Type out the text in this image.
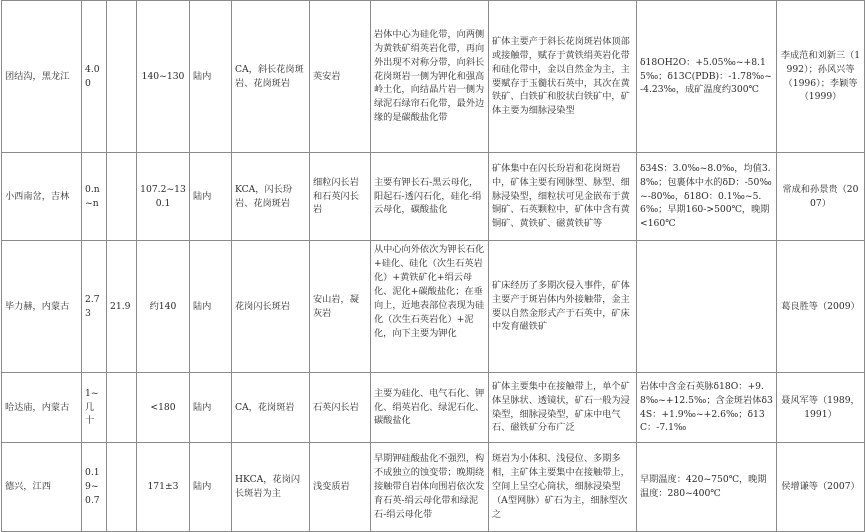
团结沟，黑龙江	4.00		140~130	陆内	CA，斜长花岗斑岩、花岗斑岩	英安岩	岩体中心为硅化带，向两侧为黄铁矿绢英岩化带，再向外出现不对称分带，向斜长花岗斑岩一侧为钾化和强高岭土化，向结晶片岩一侧为绿泥石绿帘石化带，最外边缘的是碳酸盐化带	矿体主要产于斜长花岗斑岩体顶部或接触带，赋存于黄铁绢英岩化带和硅化带中，金以自然金为主，主要赋存于玉髓状石英中，其次在黄铁矿、白铁矿和胶状白铁矿中，矿体主要为细脉浸染型	δ18OH2O：+5.05‰~+8.15‰；δ13C(PDB)：-1.78‰~-4.23‰，成矿温度约300℃	李成范和刘新三（1992）；孙风兴等（1996）；李颖等（1999）
小西南岔，吉林	0.n~n		107.2~130.1	陆内	KCA，闪长玢岩、花岗斑岩	细粒闪长岩和石英闪长岩	主要有钾长石-黑云母化，阳起石-透闪石化，硅化-绢云母化，碳酸盐化	矿体集中在闪长玢岩和花岗斑岩中，矿体主要有网脉型、脉型、细脉浸染型，细粒状可见金嵌布于黄铜矿、石英颗粒中，矿体中含有黄铜矿、黄铁矿、磁黄铁矿等	δ34S：3.0‰~8.0‰，均值3.8‰；包裹体中水的δD：-50‰~-80‰，δ18O：0.1‰~5.6‰；早期160->500℃，晚期<160℃	常成和孙景贵（2007）
毕力赫，内蒙古	2.73	21.9	约140	陆内	花岗闪长斑岩	安山岩，凝灰岩	从中心向外依次为钾长石化+硅化、硅化（次生石英岩化）+黄铁矿化+绢云母化、泥化+碳酸盐化；在垂向上，近地表部位表现为硅化（次生石英岩化）+泥化，向下主要为钾化	矿床经历了多期次侵入事件，矿体主要产于斑岩体内外接触带，金主要以自然金形式产于石英中，矿床中发育磁铁矿		葛良胜等（2009）
哈达庙，内蒙古	1~几十		<180	陆内	CA，花岗斑岩	石英闪长岩	主要为硅化、电气石化、钾化、绢英岩化、绿泥石化、碳酸盐化	矿体主要集中在接触带上，单个矿体呈脉状、透镜状，矿石一般为浸染型，细脉浸染型，矿床中电气石、磁铁矿分布广泛	岩体中含金石英脉δ18O：+9.8‰~+12.5‰；含金斑岩体δ34S：+1.9‰~+2.6‰；δ13C：-7.1‰	聂风军等（1989，1991）
德兴，江西	0.19~0.7		171±3	陆内	HKCA，花岗闪长斑岩为主	浅变质岩	早期钾硅酸盐化不强烈，构不成独立的蚀变带；晚期绕接触带自岩体向围岩依次发育石英-绢云母化带和绿泥石-绢云母化带	斑岩为小体积、浅侵位、多期多相，主矿体主要集中在接触带上，空间上呈空心筒状，细脉浸染型（A型网脉）矿石为主，细脉型次之	早期温度：420~750℃，晚期温度：280~400℃	侯增谦等（2007）
